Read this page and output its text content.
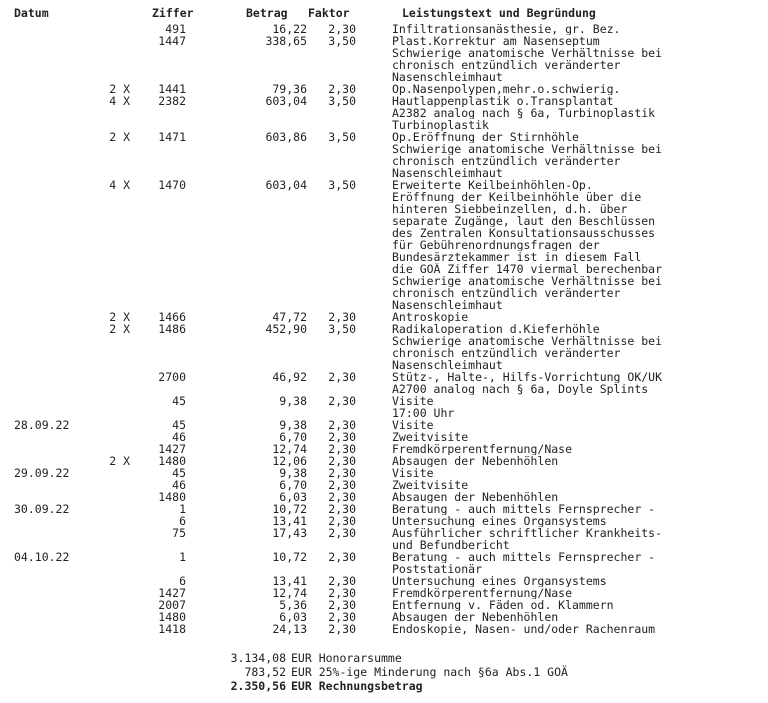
Datum	Ziffer	Betrag Faktor	Leistungstext und Begründung
491	16,22	2,30	Infiltrationsanästhesie, gr. Bez.
1447	338,65	3,50	Plast.Korrektur am Nasenseptum
Schwierige anatomische Verhältnisse bei
chronisch entzündlich veränderter
Nasenschleimhaut
2 X	1441	79,36	2,30	Op.Nasenpolypen,mehr.o.schwierig.
4 X	2382	603,04	3,50	Hautlappenplastik o.Transplantat
A2382 analog nach § 6a, Turbinoplastik
Turbinoplastik
2 X	1471	603,86	3,50	Op.Eröffnung der Stirnhöhle
Schwierige anatomische Verhältnisse bei
chronisch entzündlich veränderter
Nasenschleimhaut
4 X	1470	603,04	3,50	Erweiterte Keilbeinhöhlen-Op.
Eröffnung der Keilbeinhöhle über die
hinteren Siebbeinzellen, d.h. über
separate Zugänge, laut den Beschlüssen
des Zentralen Konsultationsausschusses
für Gebührenordnungsfragen der
Bundesärztekammer ist in diesem Fall
die GOÄ Ziffer 1470 viermal berechenbar
Schwierige anatomische Verhältnisse bei
chronisch entzündlich veränderter
Nasenschleimhaut
2 X	1466	47,72	2,30	Antroskopie
2 X	1486	452,90	3,50	Radikaloperation d.Kieferhöhle
Schwierige anatomische Verhältnisse bei
chronisch entzündlich veränderter
Nasenschleimhaut
2700	46,92	2,30	Stütz-, Halte-, Hilfs-Vorrichtung OK/UK
A2700 analog nach § 6a, Doyle Splints
45	9,38	2,30	Visite
17:00 Uhr
28.09.22	45	9,38	2,30	Visite
46	6,70	2,30	Zweitvisite
1427	12,74	2,30	Fremdkörperentfernung/Nase
2 X	1480	12,06	2,30	Absaugen der Nebenhöhlen
29.09.22	45	9,38	2,30	Visite
46	6,70	2,30	Zweitvisite
1480	6,03	2,30	Absaugen der Nebenhöhlen
30.09.22	1	10,72	2,30	Beratung - auch mittels Fernsprecher -
6	13,41	2,30	Untersuchung eines Organsystems
75	17,43	2,30	Ausführlicher schriftlicher Krankheits-
und Befundbericht
04.10.22	1	10,72	2,30	Beratung - auch mittels Fernsprecher -
Poststationär
6	13,41	2,30	Untersuchung eines Organsystems
1427	12,74	2,30	Fremdkörperentfernung/Nase
2007	5,36	2,30	Entfernung v. Fäden od. Klammern
1480	6,03	2,30	Absaugen der Nebenhöhlen
1418	24,13	2,30	Endoskopie, Nasen- und/oder Rachenraum
3.134,08 EUR Honorarsumme
783,52 EUR 25%-ige Minderung nach §6a Abs.1 GOÄ
2.350,56 EUR Rechnungsbetrag
